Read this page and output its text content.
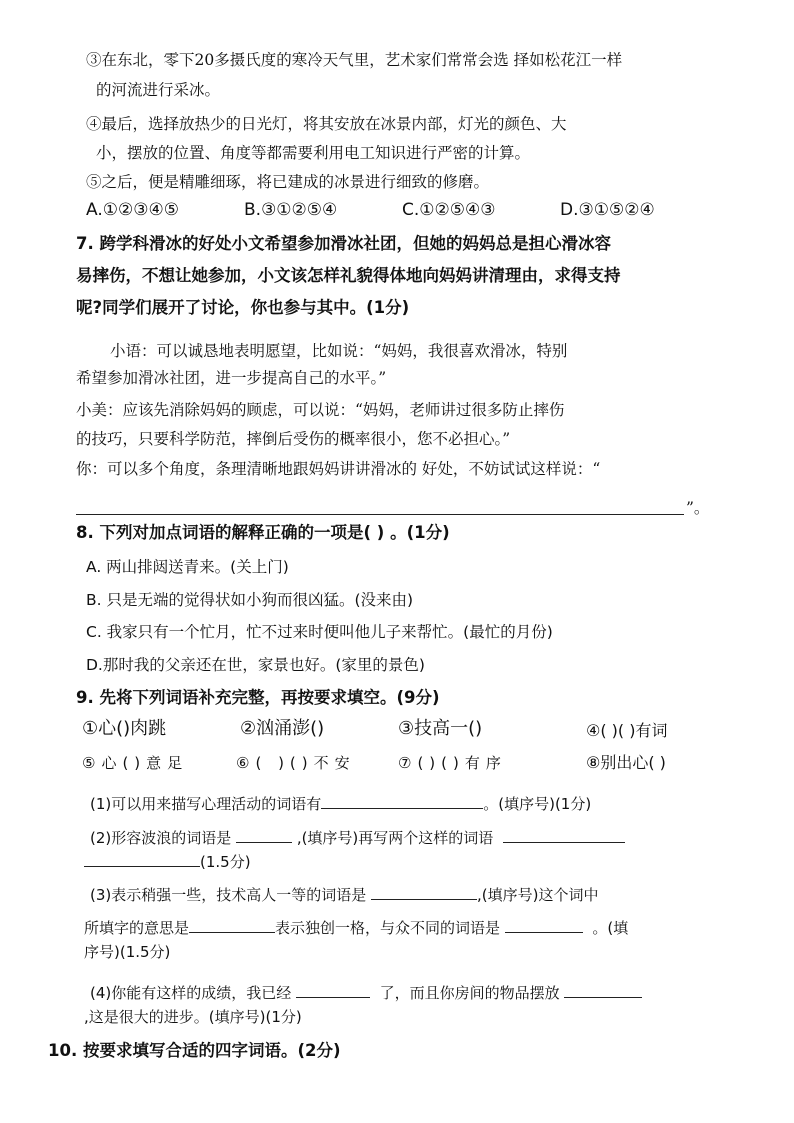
③在东北，零下20多摄氏度的寒冷天气里，艺术家们常常会选 择如松花江一样
的河流进行采冰。
④最后，选择放热少的日光灯，将其安放在冰景内部，灯光的颜色、大
小，摆放的位置、角度等都需要利用电工知识进行严密的计算。
⑤之后，便是精雕细琢，将已建成的冰景进行细致的修磨。
A.①②③④⑤	B.③①②⑤④	C.①②⑤④③	D.③①⑤②④
7. 跨学科滑冰的好处小文希望参加滑冰社团，但她的妈妈总是担心滑冰容
易摔伤，不想让她参加，小文该怎样礼貌得体地向妈妈讲清理由，求得支持
呢?同学们展开了讨论，你也参与其中。(1分)
小语：可以诚恳地表明愿望，比如说：“妈妈，我很喜欢滑冰，特别
希望参加滑冰社团，进一步提高自己的水平。”
小美：应该先消除妈妈的顾虑，可以说：“妈妈，老师讲过很多防止摔伤
的技巧，只要科学防范，摔倒后受伤的概率很小，您不必担心。”
你：可以多个角度，条理清晰地跟妈妈讲讲滑冰的 好处，不妨试试这样说：“
”。
8. 下列对加点词语的解释正确的一项是( ) 。(1分)
A. 两山排闼送青来。(关上门)
B. 只是无端的觉得状如小狗而很凶猛。(没来由)
C. 我家只有一个忙月，忙不过来时便叫他儿子来帮忙。(最忙的月份)
D.那时我的父亲还在世，家景也好。(家里的景色)
9. 先将下列词语补充完整，再按要求填空。(9分)
①心()肉跳	②汹涌澎()	③技高一()	④( )( )有词
⑤心()意足	⑥( )()不安	⑦()()有序	⑧别出心( )
(1)可以用来描写心理活动的词语有	。(填序号)(1分)
(2)形容波浪的词语是	,(填序号)再写两个这样的词语
(1.5分)
(3)表示稍强一些，技术高人一等的词语是	,(填序号)这个词中
所填字的意思是	表示独创一格，与众不同的词语是	。(填
序号)(1.5分)
(4)你能有这样的成绩，我已经	了，而且你房间的物品摆放
,这是很大的进步。(填序号)(1分)
10. 按要求填写合适的四字词语。(2分)
